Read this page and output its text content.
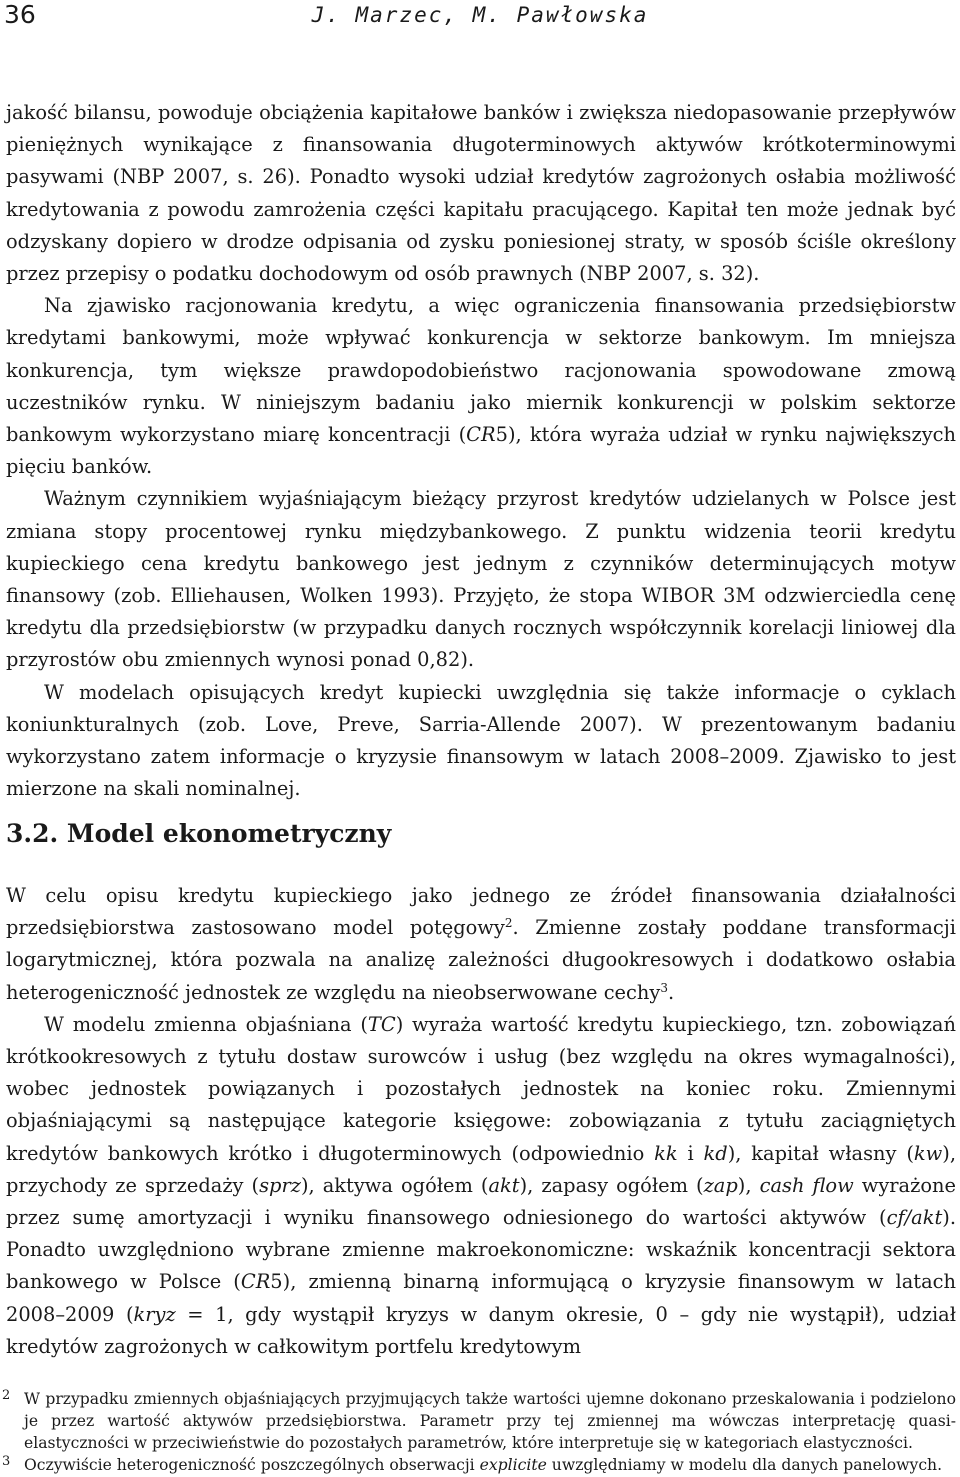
36	J. Marzec, M. Pawłowska

jakość bilansu, powoduje obciążenia kapitałowe banków i zwiększa niedopasowanie przepływów pieniężnych wynikające z finansowania długoterminowych aktywów krótkoterminowymi pasywami (NBP 2007, s. 26). Ponadto wysoki udział kredytów zagrożonych osłabia możliwość kredytowania z powodu zamrożenia części kapitału pracującego. Kapitał ten może jednak być odzyskany dopiero w drodze odpisania od zysku poniesionej straty, w sposób ściśle określony przez przepisy o podatku dochodowym od osób prawnych (NBP 2007, s. 32).

Na zjawisko racjonowania kredytu, a więc ograniczenia finansowania przedsiębiorstw kredytami bankowymi, może wpływać konkurencja w sektorze bankowym. Im mniejsza konkurencja, tym większe prawdopodobieństwo racjonowania spowodowane zmową uczestników rynku. W niniejszym badaniu jako miernik konkurencji w polskim sektorze bankowym wykorzystano miarę koncentracji (CR5), która wyraża udział w rynku największych pięciu banków.

Ważnym czynnikiem wyjaśniającym bieżący przyrost kredytów udzielanych w Polsce jest zmiana stopy procentowej rynku międzybankowego. Z punktu widzenia teorii kredytu kupieckiego cena kredytu bankowego jest jednym z czynników determinujących motyw finansowy (zob. Elliehausen, Wolken 1993). Przyjęto, że stopa WIBOR 3M odzwierciedla cenę kredytu dla przedsiębiorstw (w przypadku danych rocznych współczynnik korelacji liniowej dla przyrostów obu zmiennych wynosi ponad 0,82).

W modelach opisujących kredyt kupiecki uwzględnia się także informacje o cyklach koniunkturalnych (zob. Love, Preve, Sarria-Allende 2007). W prezentowanym badaniu wykorzystano zatem informacje o kryzysie finansowym w latach 2008–2009. Zjawisko to jest mierzone na skali nominalnej.

3.2. Model ekonometryczny

W celu opisu kredytu kupieckiego jako jednego ze źródeł finansowania działalności przedsiębiorstwa zastosowano model potęgowy$^2$. Zmienne zostały poddane transformacji logarytmicznej, która pozwala na analizę zależności długookresowych i dodatkowo osłabia heterogeniczność jednostek ze względu na nieobserwowane cechy$^3$.

W modelu zmienna objaśniana (TC) wyraża wartość kredytu kupieckiego, tzn. zobowiązań krótkookresowych z tytułu dostaw surowców i usług (bez względu na okres wymagalności), wobec jednostek powiązanych i pozostałych jednostek na koniec roku. Zmiennymi objaśniającymi są następujące kategorie księgowe: zobowiązania z tytułu zaciągniętych kredytów bankowych krótko i długoterminowych (odpowiednio kk i kd), kapitał własny (kw), przychody ze sprzedaży (sprz), aktywa ogółem (akt), zapasy ogółem (zap), cash flow wyrażone przez sumę amortyzacji i wyniku finansowego odniesionego do wartości aktywów (cf/akt). Ponadto uwzględniono wybrane zmienne makroekonomiczne: wskaźnik koncentracji sektora bankowego w Polsce (CR5), zmienną binarną informującą o kryzysie finansowym w latach 2008–2009 (kryz = 1, gdy wystąpił kryzys w danym okresie, 0 – gdy nie wystąpił), udział kredytów zagrożonych w całkowitym portfelu kredytowym

2 W przypadku zmiennych objaśniających przyjmujących także wartości ujemne dokonano przeskalowania i podzielono je przez wartość aktywów przedsiębiorstwa. Parametr przy tej zmiennej ma wówczas interpretację quasi-elastyczności w przeciwieństwie do pozostałych parametrów, które interpretuje się w kategoriach elastyczności.
3 Oczywiście heterogeniczność poszczególnych obserwacji explicite uwzględniamy w modelu dla danych panelowych.
